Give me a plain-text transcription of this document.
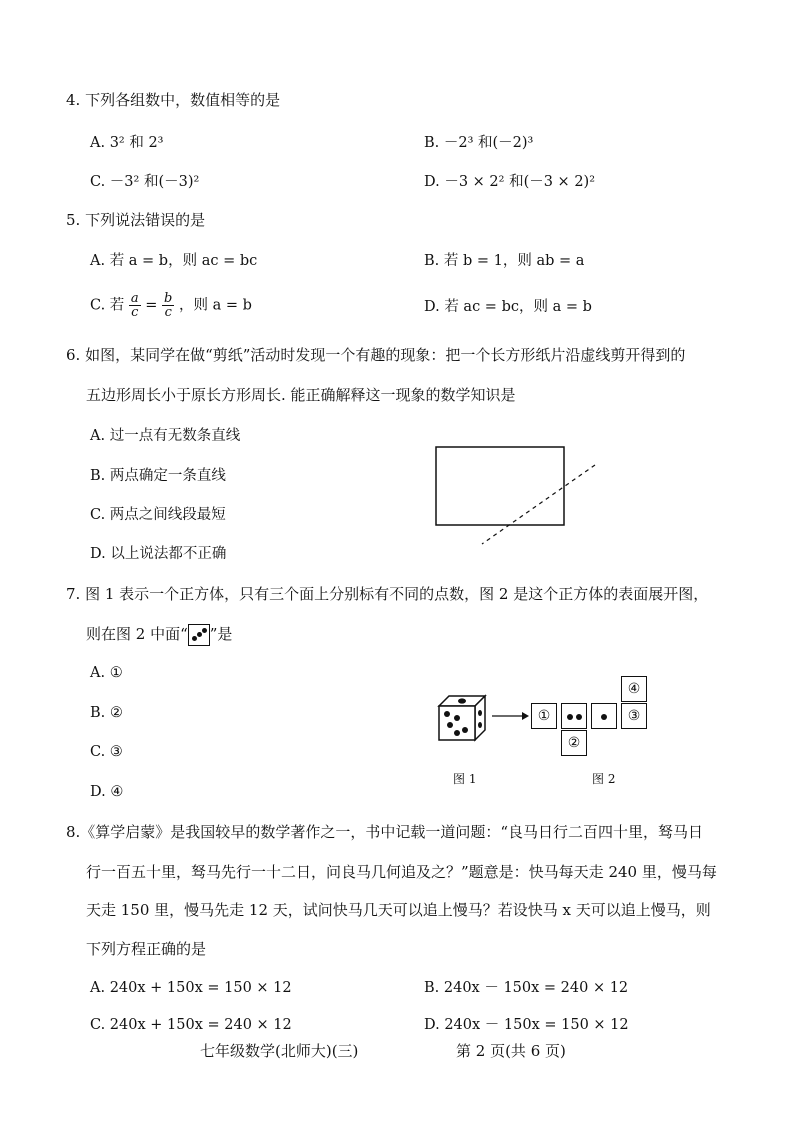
4. 下列各组数中，数值相等的是
A. 3² 和 2³	B. －2³ 和(－2)³
C. －3² 和(－3)²	D. －3 × 2² 和(－3 × 2)²
5. 下列说法错误的是
A. 若 a = b，则 ac = bc	B. 若 b = 1，则 ab = a
C. 若 $\frac{a}{c} = \frac{b}{c}$ ，则 a = b	D. 若 ac = bc，则 a = b
6. 如图，某同学在做“剪纸”活动时发现一个有趣的现象：把一个长方形纸片沿虚线剪开得到的
五边形周长小于原长方形周长. 能正确解释这一现象的数学知识是
A. 过一点有无数条直线
B. 两点确定一条直线
C. 两点之间线段最短
D. 以上说法都不正确
7. 图 1 表示一个正方体，只有三个面上分别标有不同的点数，图 2 是这个正方体的表面展开图，
则在图 2 中面“ ”是
A. ①
B. ②
C. ③
D. ④
①	③
④
②
图 1	图 2
8.《算学启蒙》是我国较早的数学著作之一，书中记载一道问题：“良马日行二百四十里，驽马日
行一百五十里，驽马先行一十二日，问良马几何追及之？”题意是：快马每天走 240 里，慢马每
天走 150 里，慢马先走 12 天，试问快马几天可以追上慢马？若设快马 x 天可以追上慢马，则
下列方程正确的是
A. 240x + 150x = 150 × 12	B. 240x － 150x = 240 × 12
C. 240x + 150x = 240 × 12	D. 240x － 150x = 150 × 12
七年级数学(北师大)(三)	第 2 页(共 6 页)
